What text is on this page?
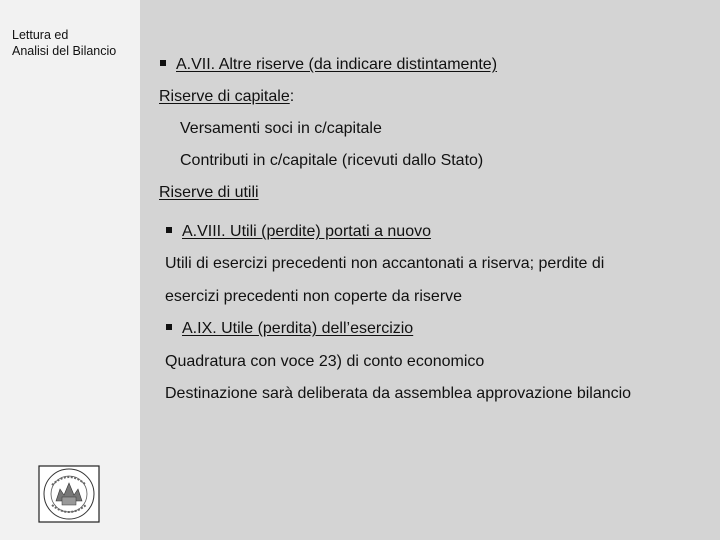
Lettura ed
Analisi del Bilancio
A.VII. Altre riserve (da indicare distintamente)
Riserve di capitale:
Versamenti soci in c/capitale
Contributi in c/capitale (ricevuti dallo Stato)
Riserve di utili
A.VIII. Utili (perdite) portati a nuovo
Utili di esercizi precedenti non accantonati a riserva; perdite di
esercizi precedenti non coperte da riserve
A.IX. Utile (perdita) dell’esercizio
Quadratura con voce 23) di conto economico
Destinazione sarà deliberata da assemblea approvazione bilancio
